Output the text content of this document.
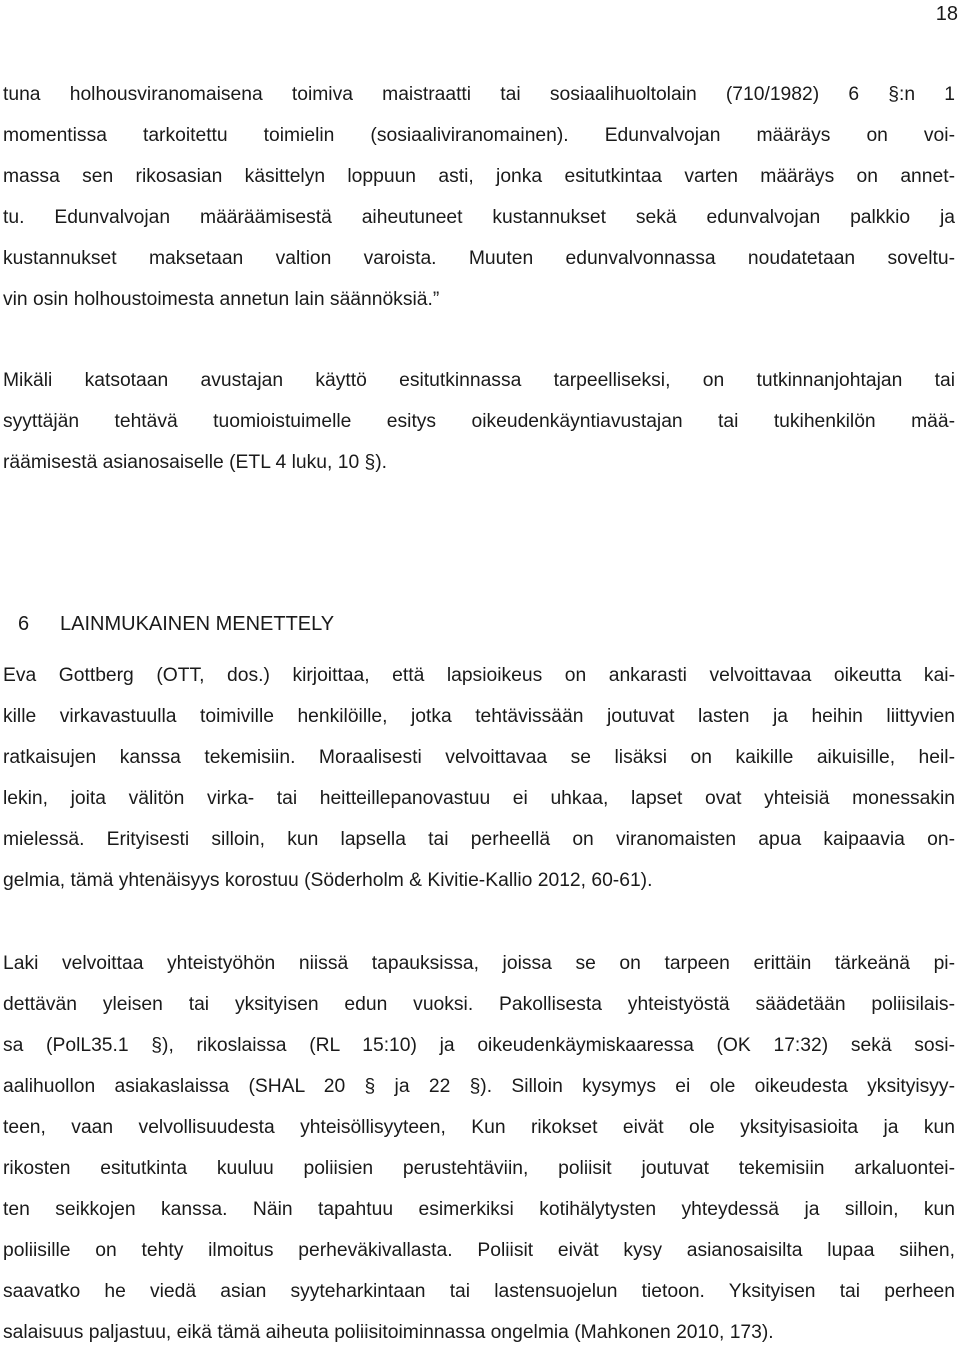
18
tuna holhousviranomaisena toimiva maistraatti tai sosiaalihuoltolain (710/1982) 6 §:n 1
momentissa tarkoitettu toimielin (sosiaaliviranomainen). Edunvalvojan määräys on voi-
massa sen rikosasian käsittelyn loppuun asti, jonka esitutkintaa varten määräys on annet-
tu. Edunvalvojan määräämisestä aiheutuneet kustannukset sekä edunvalvojan palkkio ja
kustannukset maksetaan valtion varoista. Muuten edunvalvonnassa noudatetaan soveltu-
vin osin holhoustoimesta annetun lain säännöksiä.”
Mikäli katsotaan avustajan käyttö esitutkinnassa tarpeelliseksi, on tutkinnanjohtajan tai
syyttäjän tehtävä tuomioistuimelle esitys oikeudenkäyntiavustajan tai tukihenkilön mää-
räämisestä asianosaiselle (ETL 4 luku, 10 §).
6 LAINMUKAINEN MENETTELY
Eva Gottberg (OTT, dos.) kirjoittaa, että lapsioikeus on ankarasti velvoittavaa oikeutta kai-
kille virkavastuulla toimiville henkilöille, jotka tehtävissään joutuvat lasten ja heihin liittyvien
ratkaisujen kanssa tekemisiin. Moraalisesti velvoittavaa se lisäksi on kaikille aikuisille, heil-
lekin, joita välitön virka- tai heitteillepanovastuu ei uhkaa, lapset ovat yhteisiä monessakin
mielessä. Erityisesti silloin, kun lapsella tai perheellä on viranomaisten apua kaipaavia on-
gelmia, tämä yhtenäisyys korostuu (Söderholm & Kivitie-Kallio 2012, 60-61).
Laki velvoittaa yhteistyöhön niissä tapauksissa, joissa se on tarpeen erittäin tärkeänä pi-
dettävän yleisen tai yksityisen edun vuoksi. Pakollisesta yhteistyöstä säädetään poliisilais-
sa (PolL35.1 §), rikoslaissa (RL 15:10) ja oikeudenkäymiskaaressa (OK 17:32) sekä sosi-
aalihuollon asiakaslaissa (SHAL 20 § ja 22 §). Silloin kysymys ei ole oikeudesta yksityisyy-
teen, vaan velvollisuudesta yhteisöllisyyteen, Kun rikokset eivät ole yksityisasioita ja kun
rikosten esitutkinta kuuluu poliisien perustehtäviin, poliisit joutuvat tekemisiin arkaluontei-
ten seikkojen kanssa. Näin tapahtuu esimerkiksi kotihälytysten yhteydessä ja silloin, kun
poliisille on tehty ilmoitus perheväkivallasta. Poliisit eivät kysy asianosaisilta lupaa siihen,
saavatko he viedä asian syyteharkintaan tai lastensuojelun tietoon. Yksityisen tai perheen
salaisuus paljastuu, eikä tämä aiheuta poliisitoiminnassa ongelmia (Mahkonen 2010, 173).
